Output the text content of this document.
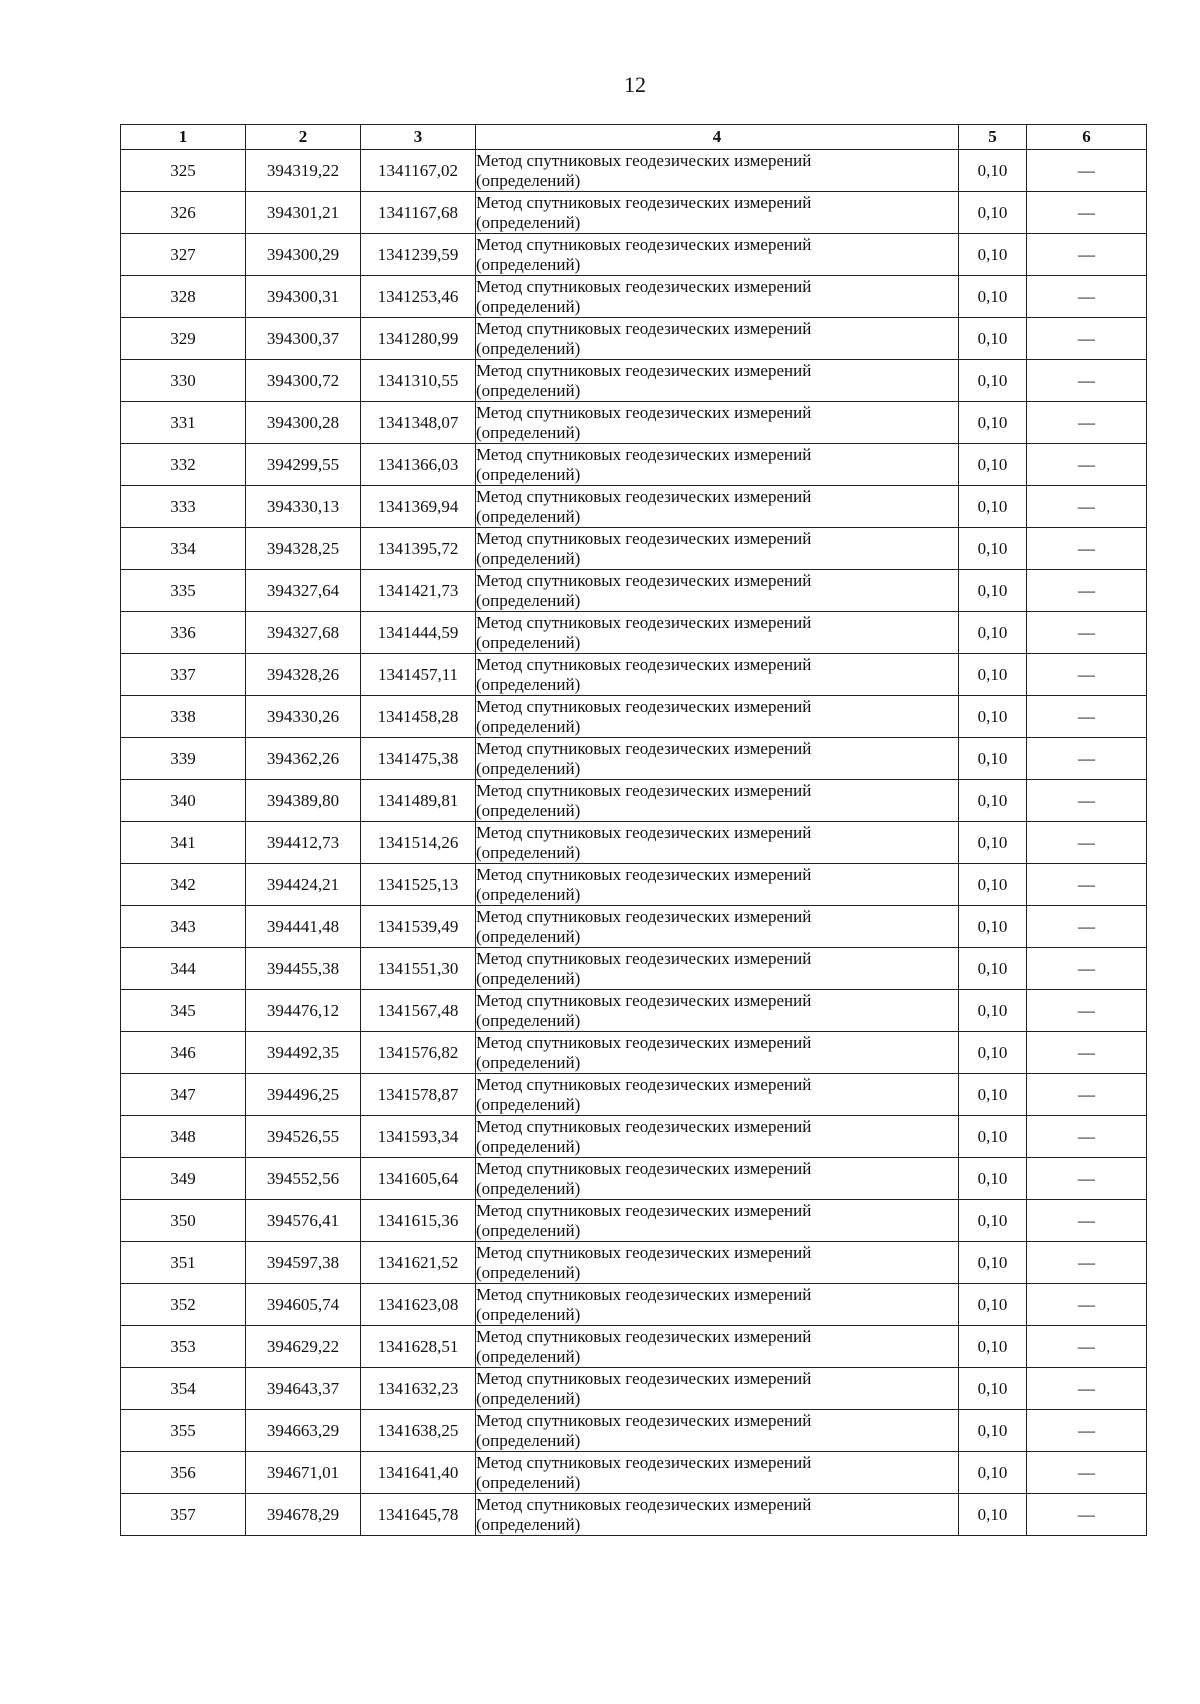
12
1	2	3	4	5	6
325	394319,22	1341167,02	Метод спутниковых геодезических измерений
(определений)	0,10	—
326	394301,21	1341167,68	Метод спутниковых геодезических измерений
(определений)	0,10	—
327	394300,29	1341239,59	Метод спутниковых геодезических измерений
(определений)	0,10	—
328	394300,31	1341253,46	Метод спутниковых геодезических измерений
(определений)	0,10	—
329	394300,37	1341280,99	Метод спутниковых геодезических измерений
(определений)	0,10	—
330	394300,72	1341310,55	Метод спутниковых геодезических измерений
(определений)	0,10	—
331	394300,28	1341348,07	Метод спутниковых геодезических измерений
(определений)	0,10	—
332	394299,55	1341366,03	Метод спутниковых геодезических измерений
(определений)	0,10	—
333	394330,13	1341369,94	Метод спутниковых геодезических измерений
(определений)	0,10	—
334	394328,25	1341395,72	Метод спутниковых геодезических измерений
(определений)	0,10	—
335	394327,64	1341421,73	Метод спутниковых геодезических измерений
(определений)	0,10	—
336	394327,68	1341444,59	Метод спутниковых геодезических измерений
(определений)	0,10	—
337	394328,26	1341457,11	Метод спутниковых геодезических измерений
(определений)	0,10	—
338	394330,26	1341458,28	Метод спутниковых геодезических измерений
(определений)	0,10	—
339	394362,26	1341475,38	Метод спутниковых геодезических измерений
(определений)	0,10	—
340	394389,80	1341489,81	Метод спутниковых геодезических измерений
(определений)	0,10	—
341	394412,73	1341514,26	Метод спутниковых геодезических измерений
(определений)	0,10	—
342	394424,21	1341525,13	Метод спутниковых геодезических измерений
(определений)	0,10	—
343	394441,48	1341539,49	Метод спутниковых геодезических измерений
(определений)	0,10	—
344	394455,38	1341551,30	Метод спутниковых геодезических измерений
(определений)	0,10	—
345	394476,12	1341567,48	Метод спутниковых геодезических измерений
(определений)	0,10	—
346	394492,35	1341576,82	Метод спутниковых геодезических измерений
(определений)	0,10	—
347	394496,25	1341578,87	Метод спутниковых геодезических измерений
(определений)	0,10	—
348	394526,55	1341593,34	Метод спутниковых геодезических измерений
(определений)	0,10	—
349	394552,56	1341605,64	Метод спутниковых геодезических измерений
(определений)	0,10	—
350	394576,41	1341615,36	Метод спутниковых геодезических измерений
(определений)	0,10	—
351	394597,38	1341621,52	Метод спутниковых геодезических измерений
(определений)	0,10	—
352	394605,74	1341623,08	Метод спутниковых геодезических измерений
(определений)	0,10	—
353	394629,22	1341628,51	Метод спутниковых геодезических измерений
(определений)	0,10	—
354	394643,37	1341632,23	Метод спутниковых геодезических измерений
(определений)	0,10	—
355	394663,29	1341638,25	Метод спутниковых геодезических измерений
(определений)	0,10	—
356	394671,01	1341641,40	Метод спутниковых геодезических измерений
(определений)	0,10	—
357	394678,29	1341645,78	Метод спутниковых геодезических измерений
(определений)	0,10	—
